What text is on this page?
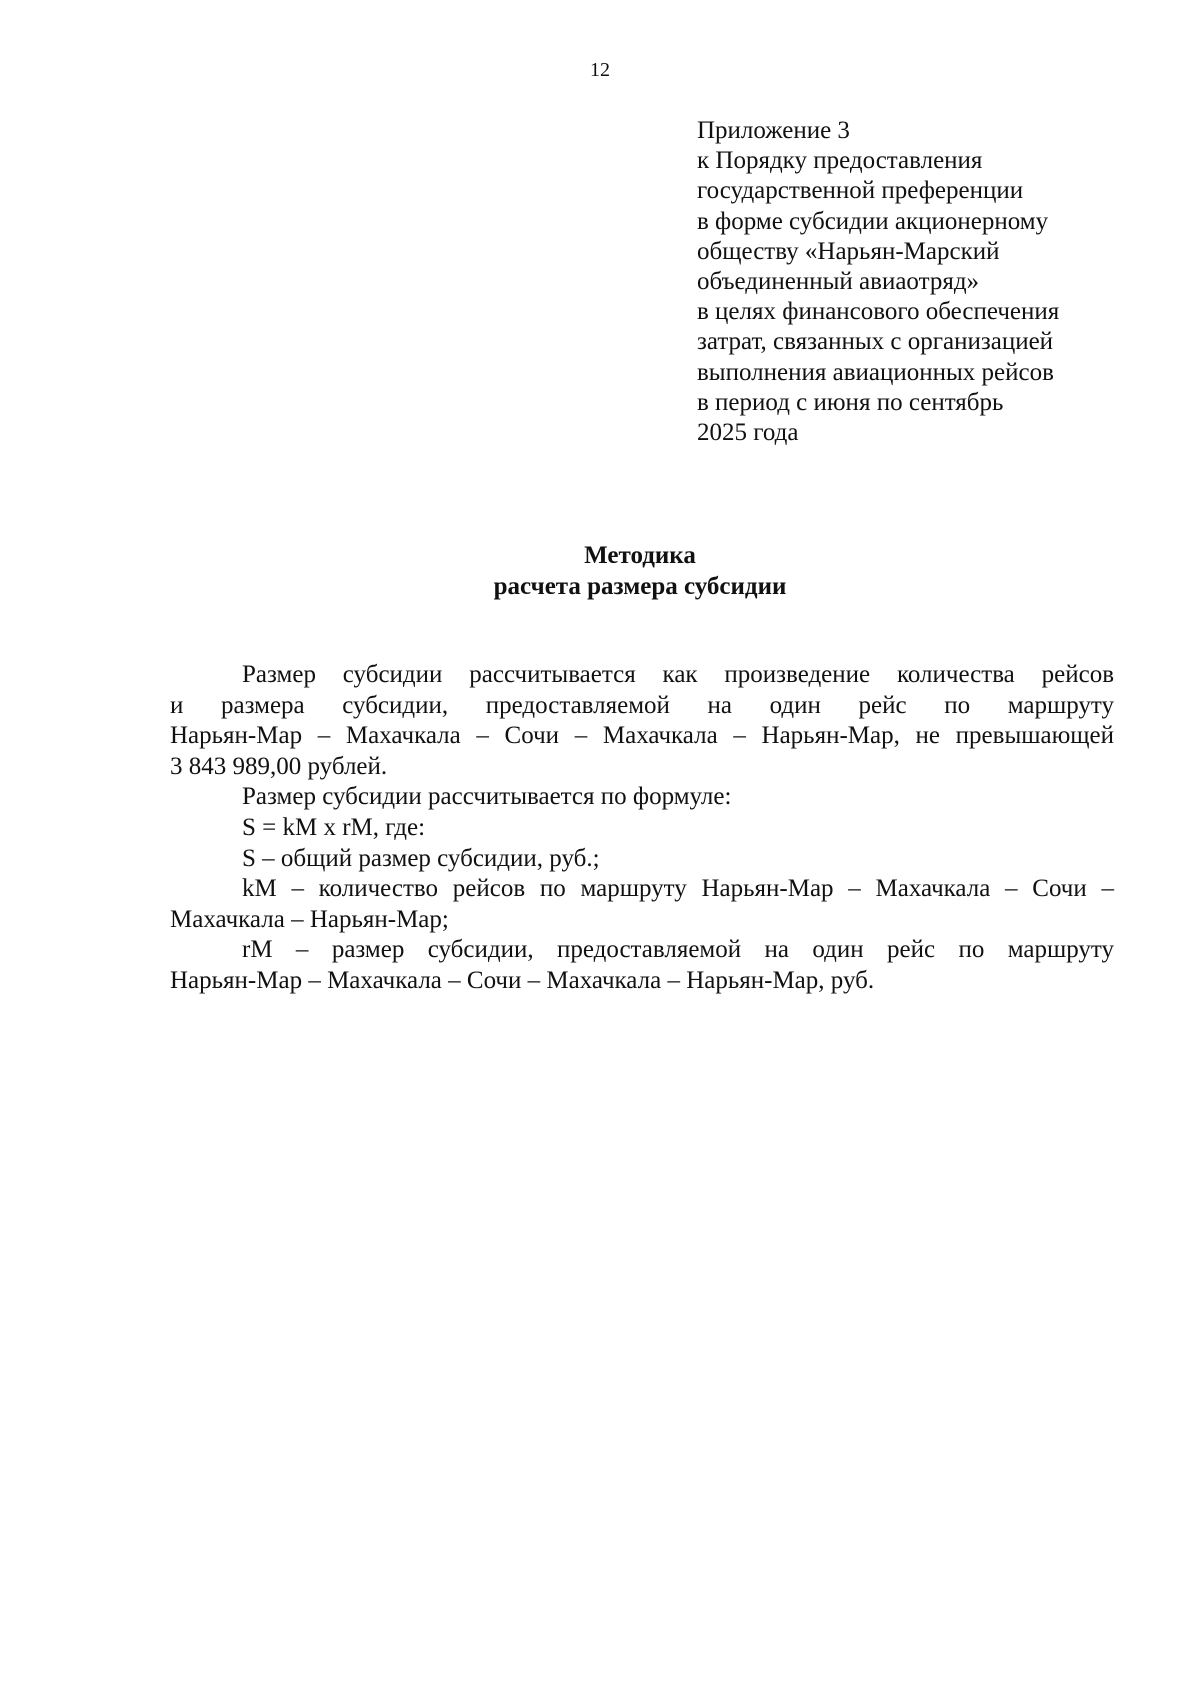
12
Приложение 3
к Порядку предоставления
государственной преференции
в форме субсидии акционерному
обществу «Нарьян-Марский
объединенный авиаотряд»
в целях финансового обеспечения
затрат, связанных с организацией
выполнения авиационных рейсов
в период с июня по сентябрь
2025 года
Методика
расчета размера субсидии
Размер субсидии рассчитывается как произведение количества рейсов
и размера субсидии, предоставляемой на один рейс по маршруту
Нарьян-Мар – Махачкала – Сочи – Махачкала – Нарьян-Мар, не превышающей
3 843 989,00 рублей.
Размер субсидии рассчитывается по формуле:
S = kM x rM, где:
S – общий размер субсидии, руб.;
kM – количество рейсов по маршруту Нарьян-Мар – Махачкала – Сочи –
Махачкала – Нарьян-Мар;
rM – размер субсидии, предоставляемой на один рейс по маршруту
Нарьян-Мар – Махачкала – Сочи – Махачкала – Нарьян-Мар, руб.
